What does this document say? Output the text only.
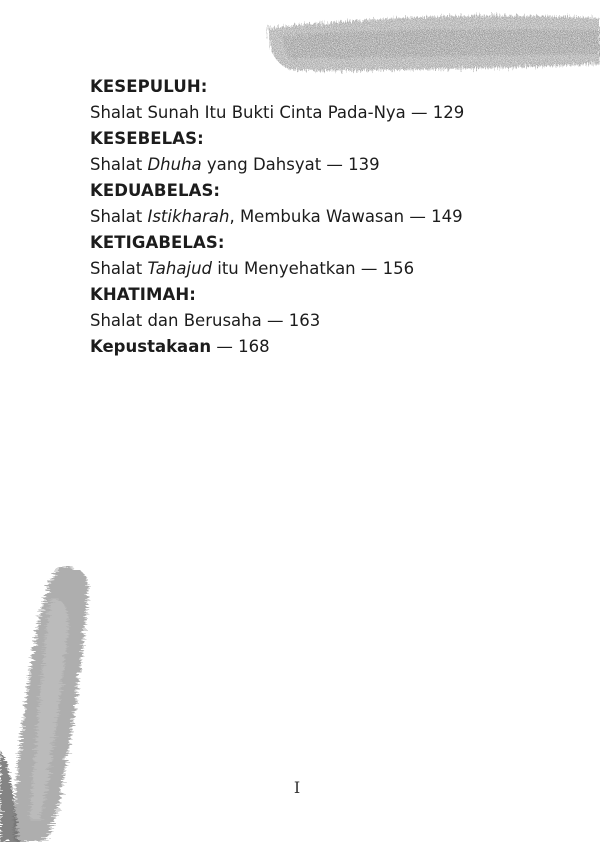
KESEPULUH:
Shalat Sunah Itu Bukti Cinta Pada-Nya — 129
KESEBELAS:
Shalat Dhuha yang Dahsyat — 139
KEDUABELAS:
Shalat Istikharah, Membuka Wawasan — 149
KETIGABELAS:
Shalat Tahajud itu Menyehatkan — 156
KHATIMAH:
Shalat dan Berusaha — 163
Kepustakaan — 168
I
